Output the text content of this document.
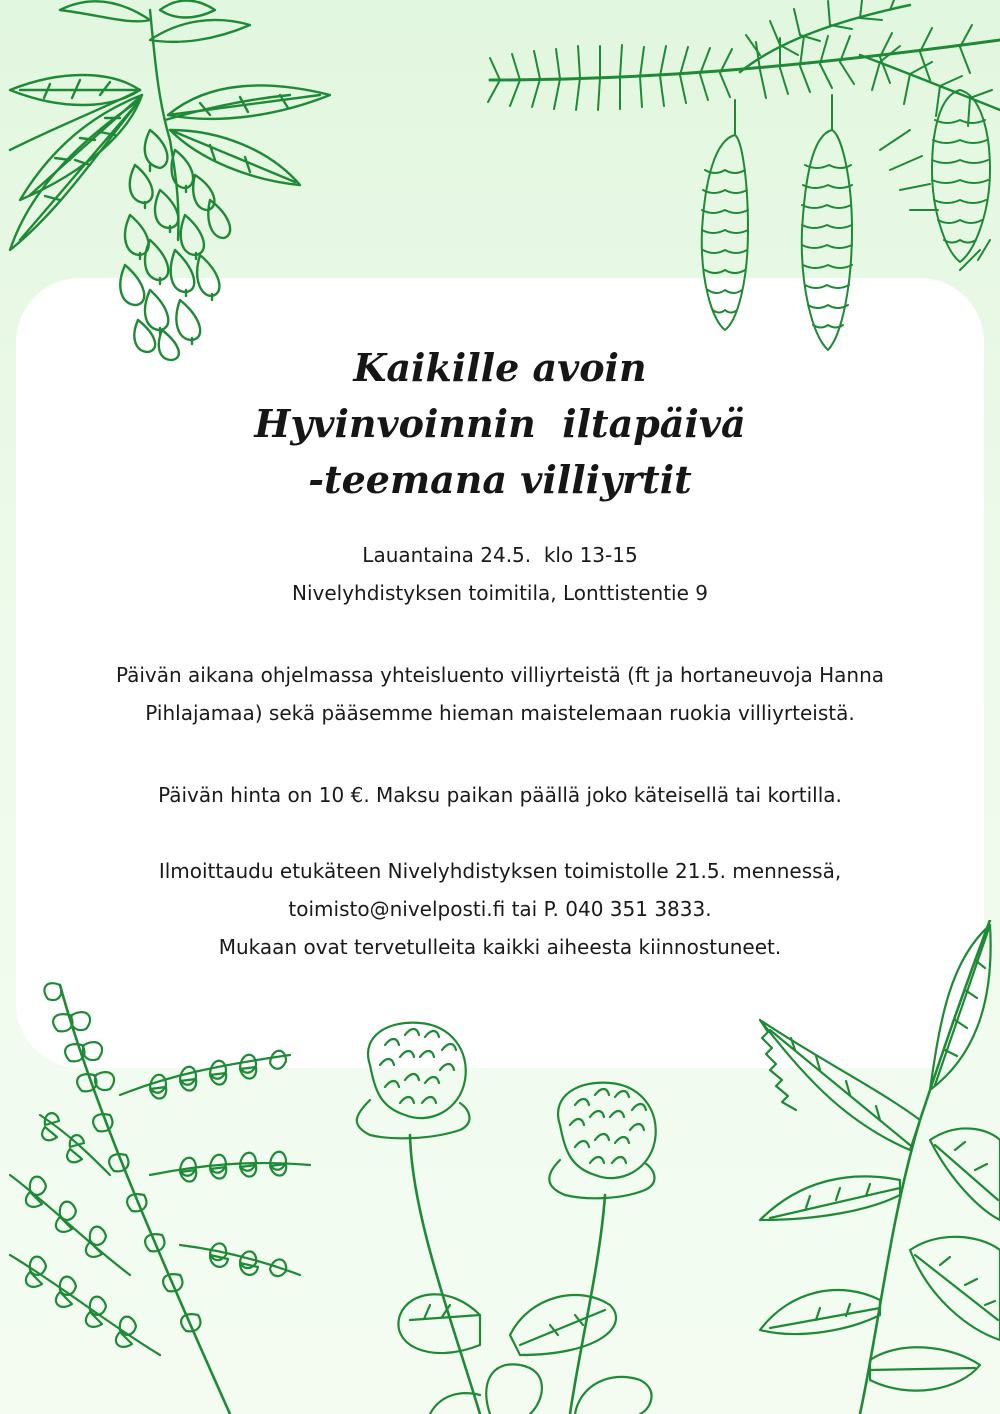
Kaikille avoin
Hyvinvoinnin  iltapäivä
-teemana villiyrtit

Lauantaina 24.5.  klo 13-15

Nivelyhdistyksen toimitila, Lonttistentie 9

Päivän aikana ohjelmassa yhteisluento villiyrteistä (ft ja hortaneuvoja Hanna

Pihlajamaa) sekä pääsemme hieman maistelemaan ruokia villiyrteistä.

Päivän hinta on 10 €. Maksu paikan päällä joko käteisellä tai kortilla.

Ilmoittaudu etukäteen Nivelyhdistyksen toimistolle 21.5. mennessä,

toimisto@nivelposti.fi tai P. 040 351 3833.

Mukaan ovat tervetulleita kaikki aiheesta kiinnostuneet.
